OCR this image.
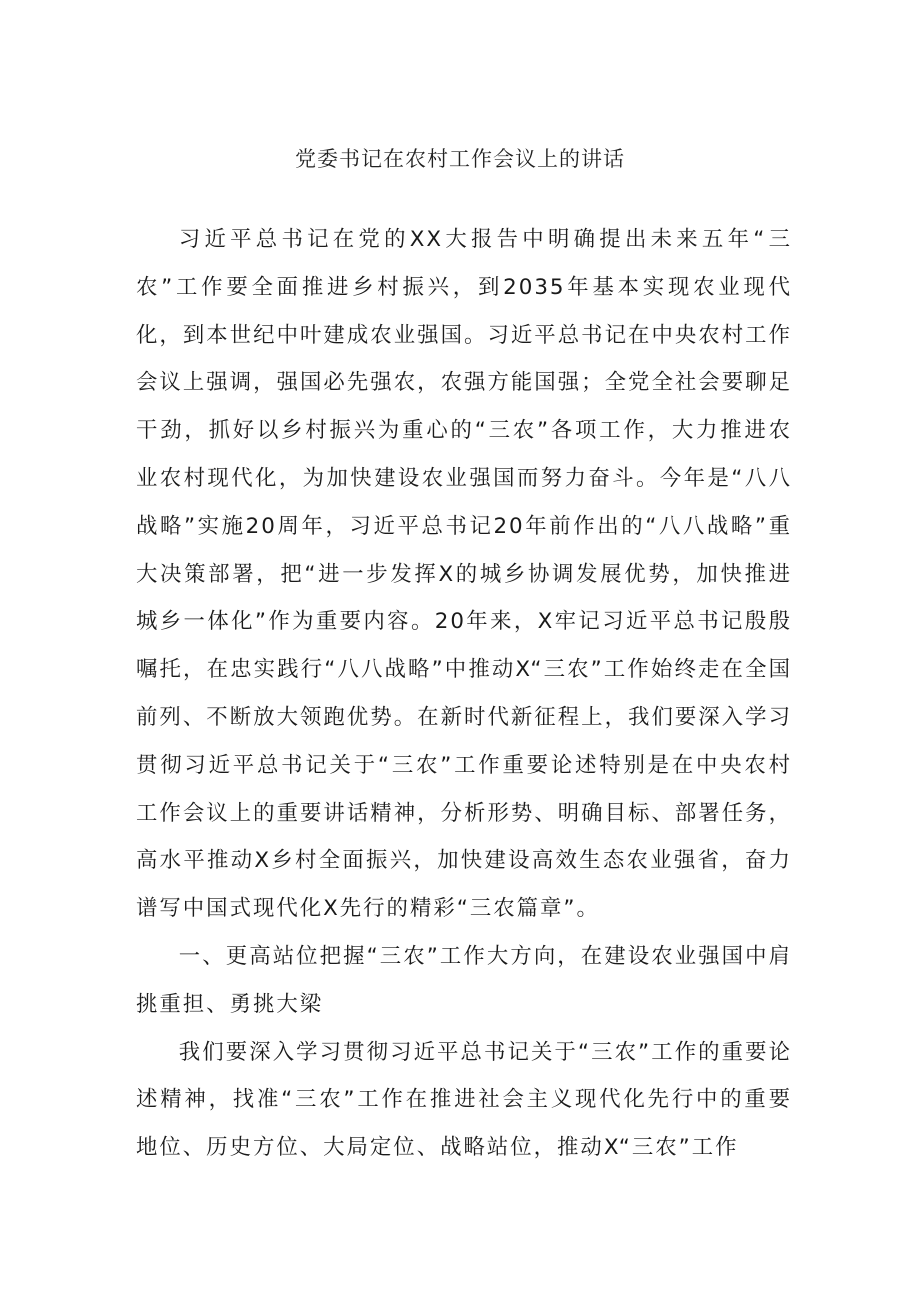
党委书记在农村工作会议上的讲话

习近平总书记在党的XX大报告中明确提出未来五年“三农”工作要全面推进乡村振兴，到2035年基本实现农业现代化，到本世纪中叶建成农业强国。习近平总书记在中央农村工作会议上强调，强国必先强农，农强方能国强；全党全社会要聊足干劲，抓好以乡村振兴为重心的“三农”各项工作，大力推进农业农村现代化，为加快建设农业强国而努力奋斗。今年是“八八战略”实施20周年，习近平总书记20年前作出的“八八战略”重大决策部署，把“进一步发挥X的城乡协调发展优势，加快推进城乡一体化”作为重要内容。20年来，X牢记习近平总书记殷殷嘱托，在忠实践行“八八战略”中推动X“三农”工作始终走在全国前列、不断放大领跑优势。在新时代新征程上，我们要深入学习贯彻习近平总书记关于“三农”工作重要论述特别是在中央农村工作会议上的重要讲话精神，分析形势、明确目标、部署任务，高水平推动X乡村全面振兴，加快建设高效生态农业强省，奋力谱写中国式现代化X先行的精彩“三农篇章”。

一、更高站位把握“三农”工作大方向，在建设农业强国中肩挑重担、勇挑大梁

我们要深入学习贯彻习近平总书记关于“三农”工作的重要论述精神，找准“三农”工作在推进社会主义现代化先行中的重要地位、历史方位、大局定位、战略站位，推动X“三农”工作
